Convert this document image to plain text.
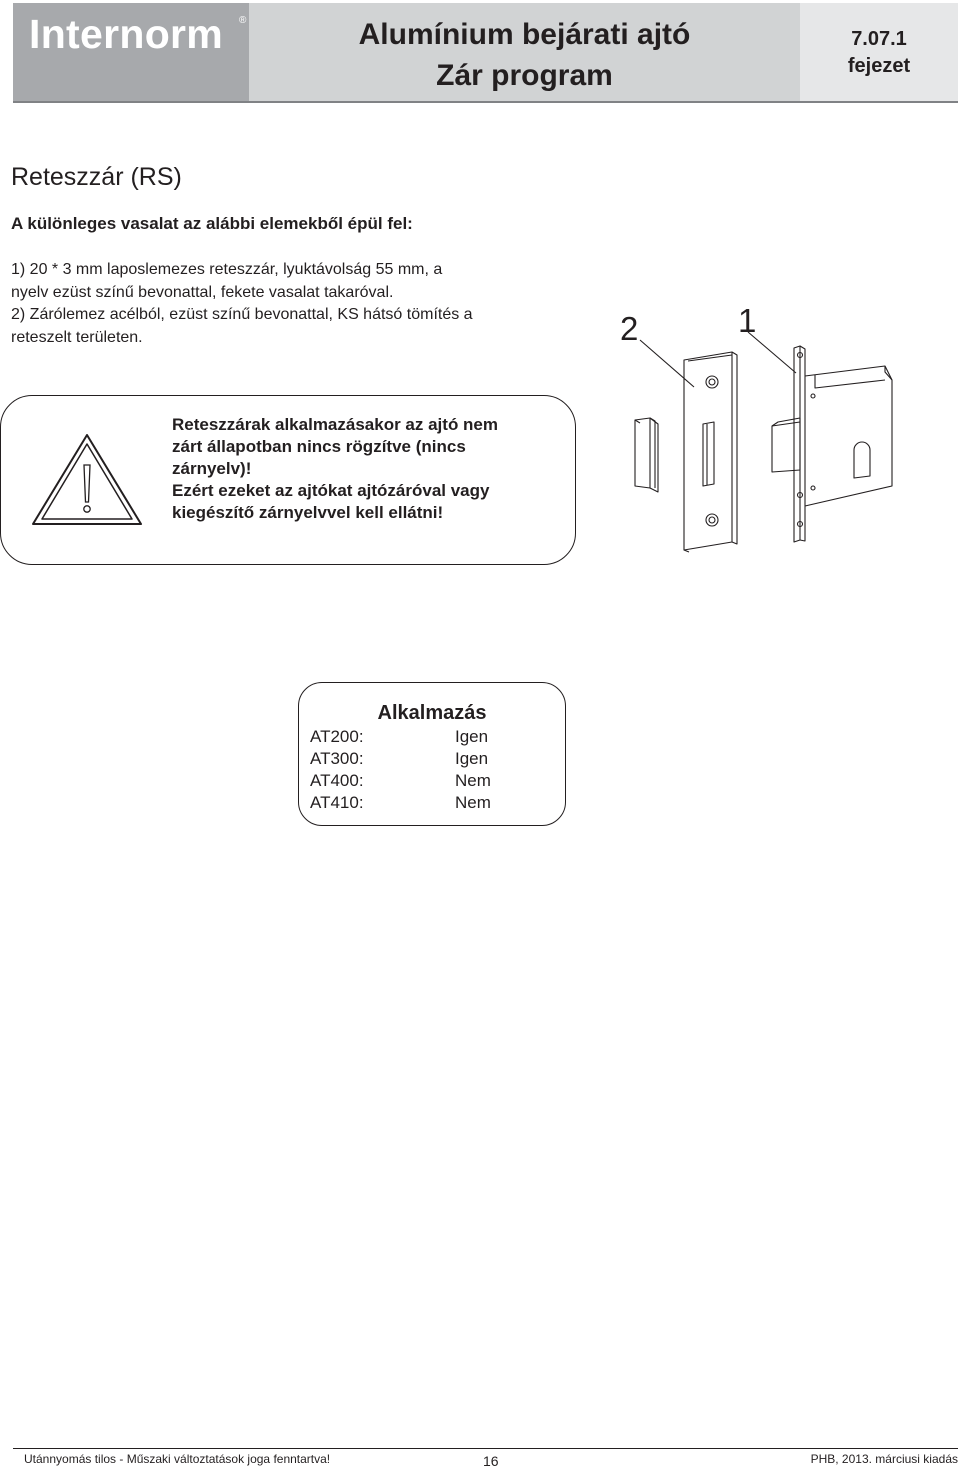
Internorm ®	Alumínium bejárati ajtó
Zár program
7.07.1
fejezet
Reteszzár (RS)
A különleges vasalat az alábbi elemekből épül fel:
1) 20 * 3 mm laposlemezes reteszzár, lyuktávolság 55 mm, a
nyelv ezüst színű bevonattal, fekete vasalat takaróval.
2) Zárólemez acélból, ezüst színű bevonattal, KS hátsó tömítés a
reteszelt területen.
Reteszzárak alkalmazásakor az ajtó nem
zárt állapotban nincs rögzítve (nincs
zárnyelv)!
Ezért ezeket az ajtókat ajtózáróval vagy
kiegészítő zárnyelvvel kell ellátni!
2	1
Alkalmazás
AT200:	Igen
AT300:	Igen
AT400:	Nem
AT410:	Nem
Utánnyomás tilos - Műszaki változtatások joga fenntartva!	16	PHB, 2013. márciusi kiadás
